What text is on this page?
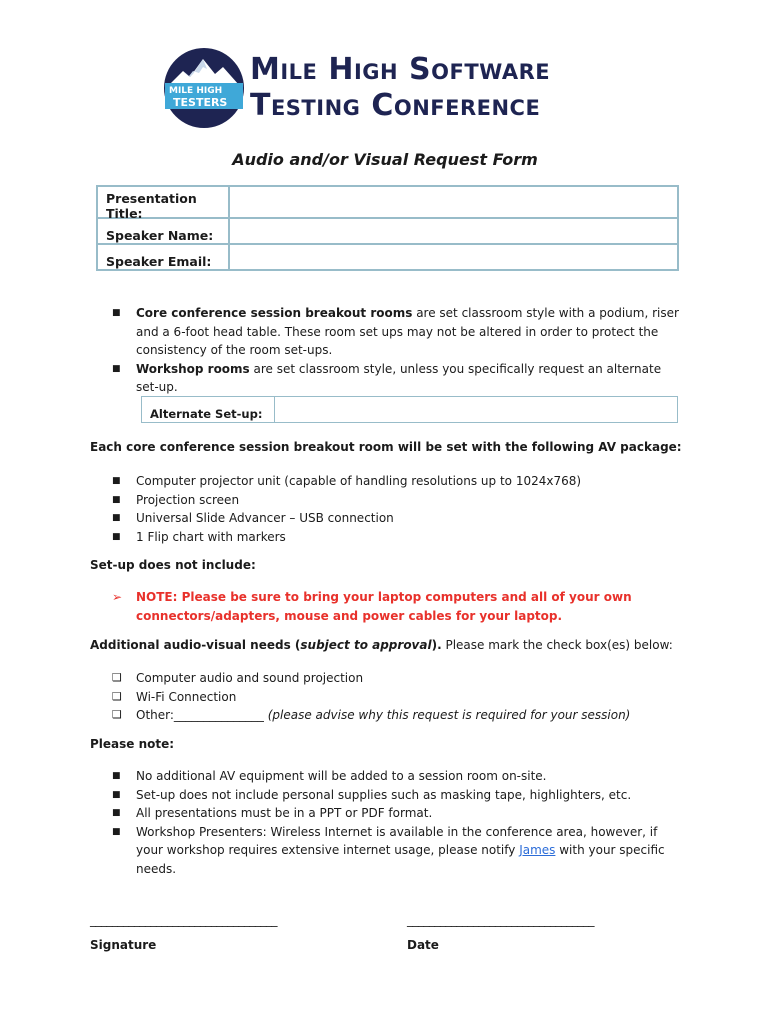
MILE HIGH
TESTERS
Mile High Software
Testing Conference
Audio and/or Visual Request Form
Presentation Title:	
Speaker Name:	
Speaker Email:	
■ Core conference session breakout rooms are set classroom style with a podium, riser and a 6-foot head table. These room set ups may not be altered in order to protect the consistency of the room set-ups.
■ Workshop rooms are set classroom style, unless you specifically request an alternate set-up.
Alternate Set-up:
Each core conference session breakout room will be set with the following AV package:
■ Computer projector unit (capable of handling resolutions up to 1024x768)
■ Projection screen
■ Universal Slide Advancer – USB connection
■ 1 Flip chart with markers
Set-up does not include:
➢ NOTE: Please be sure to bring your laptop computers and all of your own
connectors/adapters, mouse and power cables for your laptop.
Additional audio-visual needs (subject to approval). Please mark the check box(es) below:
❑ Computer audio and sound projection
❑ Wi-Fi Connection
❑ Other:_______________ (please advise why this request is required for your session)
Please note:
■ No additional AV equipment will be added to a session room on-site.
■ Set-up does not include personal supplies such as masking tape, highlighters, etc.
■ All presentations must be in a PPT or PDF format.
■ Workshop Presenters: Wireless Internet is available in the conference area, however, if your workshop requires extensive internet usage, please notify James with your specific needs.
__________________________________	__________________________________
Signature	Date
